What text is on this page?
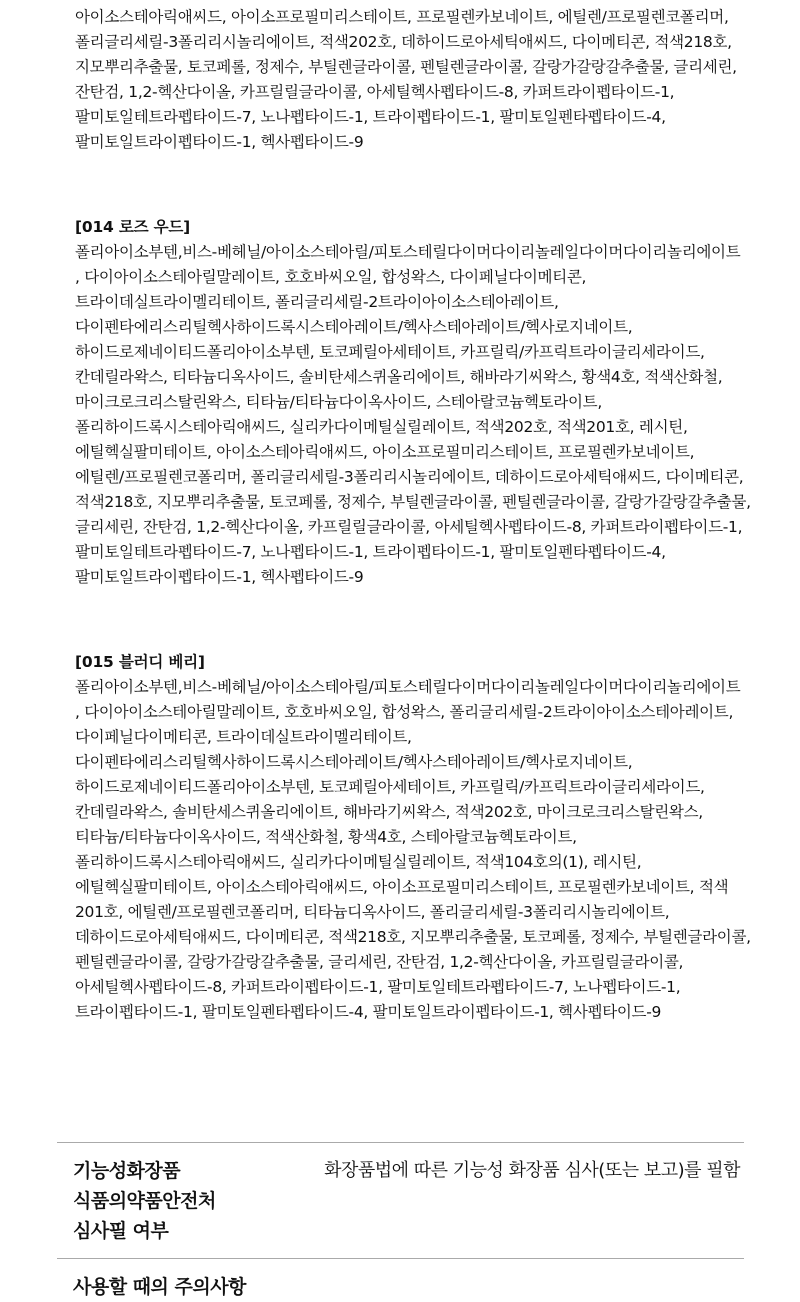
아이소스테아릭애씨드, 아이소프로필미리스테이트, 프로필렌카보네이트, 에틸렌/프로필렌코폴리머,

폴리글리세릴-3폴리리시놀리에이트, 적색202호, 데하이드로아세틱애씨드, 다이메티콘, 적색218호,

지모뿌리추출물, 토코페롤, 정제수, 부틸렌글라이콜, 펜틸렌글라이콜, 갈랑가갈랑갈추출물, 글리세린,

잔탄검, 1,2-헥산다이올, 카프릴릴글라이콜, 아세틸헥사펩타이드-8, 카퍼트라이펩타이드-1,

팔미토일테트라펩타이드-7, 노나펩타이드-1, 트라이펩타이드-1, 팔미토일펜타펩타이드-4,

팔미토일트라이펩타이드-1, 헥사펩타이드-9

[014 로즈 우드]

폴리아이소부텐,비스-베헤닐/아이소스테아릴/피토스테릴다이머다이리놀레일다이머다이리놀리에이트

, 다이아이소스테아릴말레이트, 호호바씨오일, 합성왁스, 다이페닐다이메티콘,

트라이데실트라이멜리테이트, 폴리글리세릴-2트라이아이소스테아레이트,

다이펜타에리스리틸헥사하이드록시스테아레이트/헥사스테아레이트/헥사로지네이트,

하이드로제네이티드폴리아이소부텐, 토코페릴아세테이트, 카프릴릭/카프릭트라이글리세라이드,

칸데릴라왁스, 티타늄디옥사이드, 솔비탄세스퀴올리에이트, 해바라기씨왁스, 황색4호, 적색산화철,

마이크로크리스탈린왁스, 티타늄/티타늄다이옥사이드, 스테아랄코늄헥토라이트,

폴리하이드록시스테아릭애씨드, 실리카다이메틸실릴레이트, 적색202호, 적색201호, 레시틴,

에틸헥실팔미테이트, 아이소스테아릭애씨드, 아이소프로필미리스테이트, 프로필렌카보네이트,

에틸렌/프로필렌코폴리머, 폴리글리세릴-3폴리리시놀리에이트, 데하이드로아세틱애씨드, 다이메티콘,

적색218호, 지모뿌리추출물, 토코페롤, 정제수, 부틸렌글라이콜, 펜틸렌글라이콜, 갈랑가갈랑갈추출물,

글리세린, 잔탄검, 1,2-헥산다이올, 카프릴릴글라이콜, 아세틸헥사펩타이드-8, 카퍼트라이펩타이드-1,

팔미토일테트라펩타이드-7, 노나펩타이드-1, 트라이펩타이드-1, 팔미토일펜타펩타이드-4,

팔미토일트라이펩타이드-1, 헥사펩타이드-9

[015 블러디 베리]

폴리아이소부텐,비스-베헤닐/아이소스테아릴/피토스테릴다이머다이리놀레일다이머다이리놀리에이트

, 다이아이소스테아릴말레이트, 호호바씨오일, 합성왁스, 폴리글리세릴-2트라이아이소스테아레이트,

다이페닐다이메티콘, 트라이데실트라이멜리테이트,

다이펜타에리스리틸헥사하이드록시스테아레이트/헥사스테아레이트/헥사로지네이트,

하이드로제네이티드폴리아이소부텐, 토코페릴아세테이트, 카프릴릭/카프릭트라이글리세라이드,

칸데릴라왁스, 솔비탄세스퀴올리에이트, 해바라기씨왁스, 적색202호, 마이크로크리스탈린왁스,

티타늄/티타늄다이옥사이드, 적색산화철, 황색4호, 스테아랄코늄헥토라이트,

폴리하이드록시스테아릭애씨드, 실리카다이메틸실릴레이트, 적색104호의(1), 레시틴,

에틸헥실팔미테이트, 아이소스테아릭애씨드, 아이소프로필미리스테이트, 프로필렌카보네이트, 적색

201호, 에틸렌/프로필렌코폴리머, 티타늄디옥사이드, 폴리글리세릴-3폴리리시놀리에이트,

데하이드로아세틱애씨드, 다이메티콘, 적색218호, 지모뿌리추출물, 토코페롤, 정제수, 부틸렌글라이콜,

펜틸렌글라이콜, 갈랑가갈랑갈추출물, 글리세린, 잔탄검, 1,2-헥산다이올, 카프릴릴글라이콜,

아세틸헥사펩타이드-8, 카퍼트라이펩타이드-1, 팔미토일테트라펩타이드-7, 노나펩타이드-1,

트라이펩타이드-1, 팔미토일펜타펩타이드-4, 팔미토일트라이펩타이드-1, 헥사펩타이드-9

기능성화장품
식품의약품안전처
심사필 여부
화장품법에 따른 기능성 화장품 심사(또는 보고)를 필함
사용할 때의 주의사항
